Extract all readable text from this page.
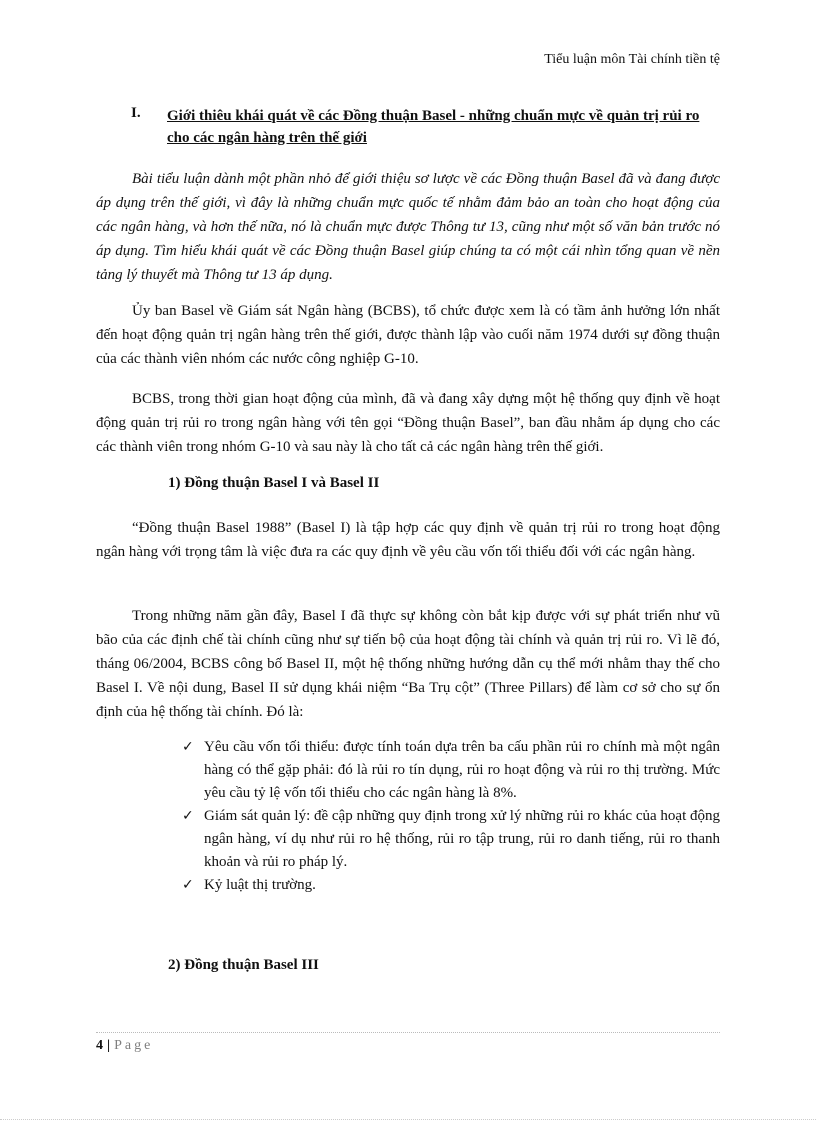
Tiểu luận môn Tài chính tiền tệ
I. Giới thiêu khái quát về các Đồng thuận Basel - những chuẩn mực về quản trị rủi ro cho các ngân hàng trên thế giới
Bài tiểu luận dành một phần nhỏ để giới thiệu sơ lược về các Đồng thuận Basel đã và đang được áp dụng trên thế giới, vì đây là những chuẩn mực quốc tế nhằm đảm bảo an toàn cho hoạt động của các ngân hàng, và hơn thế nữa, nó là chuẩn mực được Thông tư 13, cũng như một số văn bản trước nó áp dụng. Tìm hiểu khái quát về các Đồng thuận Basel giúp chúng ta có một cái nhìn tổng quan về nền tảng lý thuyết mà Thông tư 13 áp dụng.
Ủy ban Basel về Giám sát Ngân hàng (BCBS), tổ chức được xem là có tầm ảnh hưởng lớn nhất đến hoạt động quản trị ngân hàng trên thế giới, được thành lập vào cuối năm 1974 dưới sự đồng thuận của các thành viên nhóm các nước công nghiệp G-10.
BCBS, trong thời gian hoạt động của mình, đã và đang xây dựng một hệ thống quy định về hoạt động quản trị rủi ro trong ngân hàng với tên gọi “Đồng thuận Basel”, ban đầu nhằm áp dụng cho các các thành viên trong nhóm G-10 và sau này là cho tất cả các ngân hàng trên thế giới.
1) Đồng thuận Basel I và Basel II
“Đồng thuận Basel 1988” (Basel I) là tập hợp các quy định về quản trị rủi ro trong hoạt động ngân hàng với trọng tâm là việc đưa ra các quy định về yêu cầu vốn tối thiểu đối với các ngân hàng.
Trong những năm gần đây, Basel I đã thực sự không còn bắt kịp được với sự phát triển như vũ bão của các định chế tài chính cũng như sự tiến bộ của hoạt động tài chính và quản trị rủi ro. Vì lẽ đó, tháng 06/2004, BCBS công bố Basel II, một hệ thống những hướng dẫn cụ thể mới nhằm thay thế cho Basel I. Về nội dung, Basel II sử dụng khái niệm “Ba Trụ cột” (Three Pillars) để làm cơ sở cho sự ổn định của hệ thống tài chính. Đó là:
✓ Yêu cầu vốn tối thiểu: được tính toán dựa trên ba cấu phần rủi ro chính mà một ngân hàng có thể gặp phải: đó là rủi ro tín dụng, rủi ro hoạt động và rủi ro thị trường. Mức yêu cầu tỷ lệ vốn tối thiểu cho các ngân hàng là 8%.
✓ Giám sát quản lý: đề cập những quy định trong xử lý những rủi ro khác của hoạt động ngân hàng, ví dụ như rủi ro hệ thống, rủi ro tập trung, rủi ro danh tiếng, rủi ro thanh khoản và rủi ro pháp lý.
✓ Kỷ luật thị trường.
2) Đồng thuận Basel III
4 | Page
